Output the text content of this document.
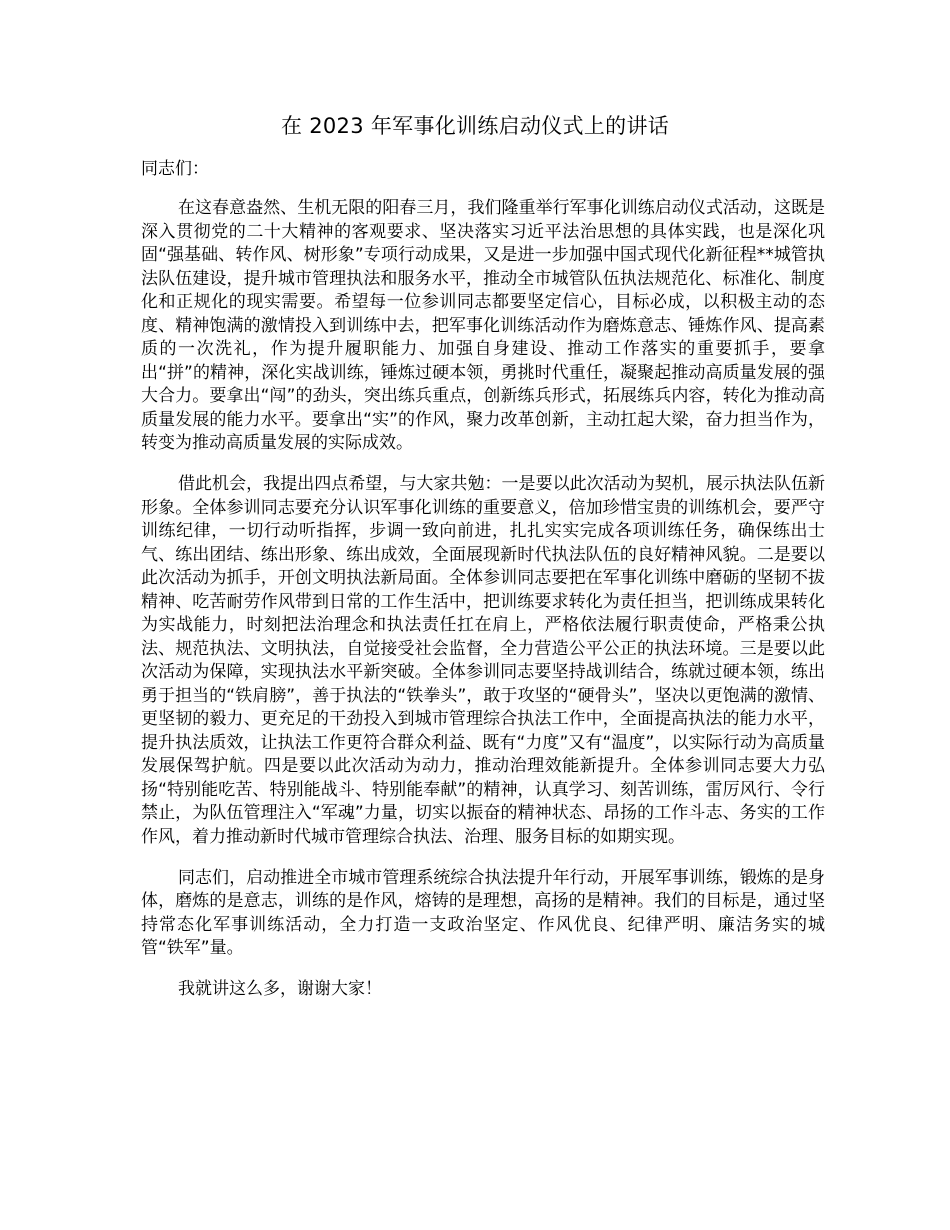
在 2023 年军事化训练启动仪式上的讲话
同志们：

在这春意盎然、生机无限的阳春三月，我们隆重举行军事化训练启动仪式活动，这既是深入贯彻党的二十大精神的客观要求、坚决落实习近平法治思想的具体实践，也是深化巩固“强基础、转作风、树形象”专项行动成果，又是进一步加强中国式现代化新征程**城管执法队伍建设，提升城市管理执法和服务水平，推动全市城管队伍执法规范化、标准化、制度化和正规化的现实需要。希望每一位参训同志都要坚定信心，目标必成，以积极主动的态度、精神饱满的激情投入到训练中去，把军事化训练活动作为磨炼意志、锤炼作风、提高素质的一次洗礼，作为提升履职能力、加强自身建设、推动工作落实的重要抓手，要拿出“拼”的精神，深化实战训练，锤炼过硬本领，勇挑时代重任，凝聚起推动高质量发展的强大合力。要拿出“闯”的劲头，突出练兵重点，创新练兵形式，拓展练兵内容，转化为推动高质量发展的能力水平。要拿出“实”的作风，聚力改革创新，主动扛起大梁，奋力担当作为，转变为推动高质量发展的实际成效。

借此机会，我提出四点希望，与大家共勉：一是要以此次活动为契机，展示执法队伍新形象。全体参训同志要充分认识军事化训练的重要意义，倍加珍惜宝贵的训练机会，要严守训练纪律，一切行动听指挥，步调一致向前进，扎扎实实完成各项训练任务，确保练出士气、练出团结、练出形象、练出成效，全面展现新时代执法队伍的良好精神风貌。二是要以此次活动为抓手，开创文明执法新局面。全体参训同志要把在军事化训练中磨砺的坚韧不拔精神、吃苦耐劳作风带到日常的工作生活中，把训练要求转化为责任担当，把训练成果转化为实战能力，时刻把法治理念和执法责任扛在肩上，严格依法履行职责使命，严格秉公执法、规范执法、文明执法，自觉接受社会监督，全力营造公平公正的执法环境。三是要以此次活动为保障，实现执法水平新突破。全体参训同志要坚持战训结合，练就过硬本领，练出勇于担当的“铁肩膀”，善于执法的“铁拳头”，敢于攻坚的“硬骨头”，坚决以更饱满的激情、更坚韧的毅力、更充足的干劲投入到城市管理综合执法工作中，全面提高执法的能力水平，提升执法质效，让执法工作更符合群众利益、既有“力度”又有“温度”，以实际行动为高质量发展保驾护航。四是要以此次活动为动力，推动治理效能新提升。全体参训同志要大力弘扬“特别能吃苦、特别能战斗、特别能奉献”的精神，认真学习、刻苦训练，雷厉风行、令行禁止，为队伍管理注入“军魂”力量，切实以振奋的精神状态、昂扬的工作斗志、务实的工作作风，着力推动新时代城市管理综合执法、治理、服务目标的如期实现。

同志们，启动推进全市城市管理系统综合执法提升年行动，开展军事训练，锻炼的是身体，磨炼的是意志，训练的是作风，熔铸的是理想，高扬的是精神。我们的目标是，通过坚持常态化军事训练活动，全力打造一支政治坚定、作风优良、纪律严明、廉洁务实的城管“铁军”量。

我就讲这么多，谢谢大家！
